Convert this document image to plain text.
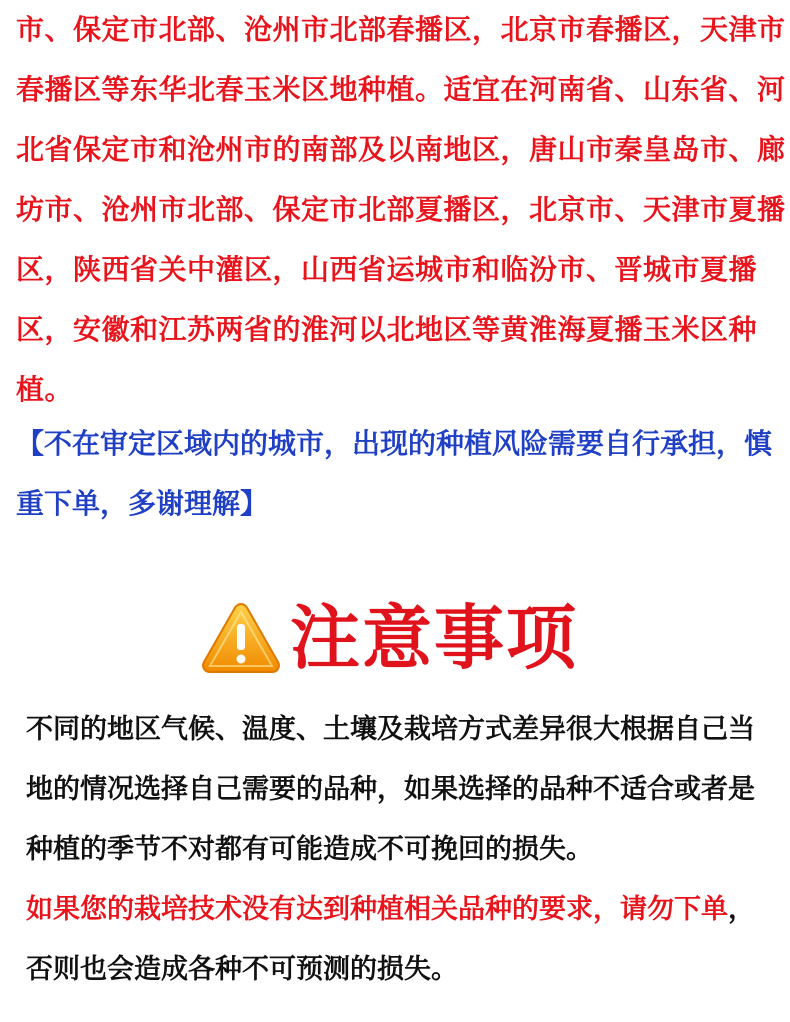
市、保定市北部、沧州市北部春播区，北京市春播区，天津市春播区等东华北春玉米区地种植。适宜在河南省、山东省、河北省保定市和沧州市的南部及以南地区，唐山市秦皇岛市、廊坊市、沧州市北部、保定市北部夏播区，北京市、天津市夏播区，陕西省关中灌区，山西省运城市和临汾市、晋城市夏播区，安徽和江苏两省的淮河以北地区等黄淮海夏播玉米区种植。

【不在审定区域内的城市，出现的种植风险需要自行承担，慎重下单，多谢理解】

注意事项

不同的地区气候、温度、土壤及栽培方式差异很大根据自己当地的情况选择自己需要的品种，如果选择的品种不适合或者是种植的季节不对都有可能造成不可挽回的损失。
如果您的栽培技术没有达到种植相关品种的要求，请勿下单，否则也会造成各种不可预测的损失。
